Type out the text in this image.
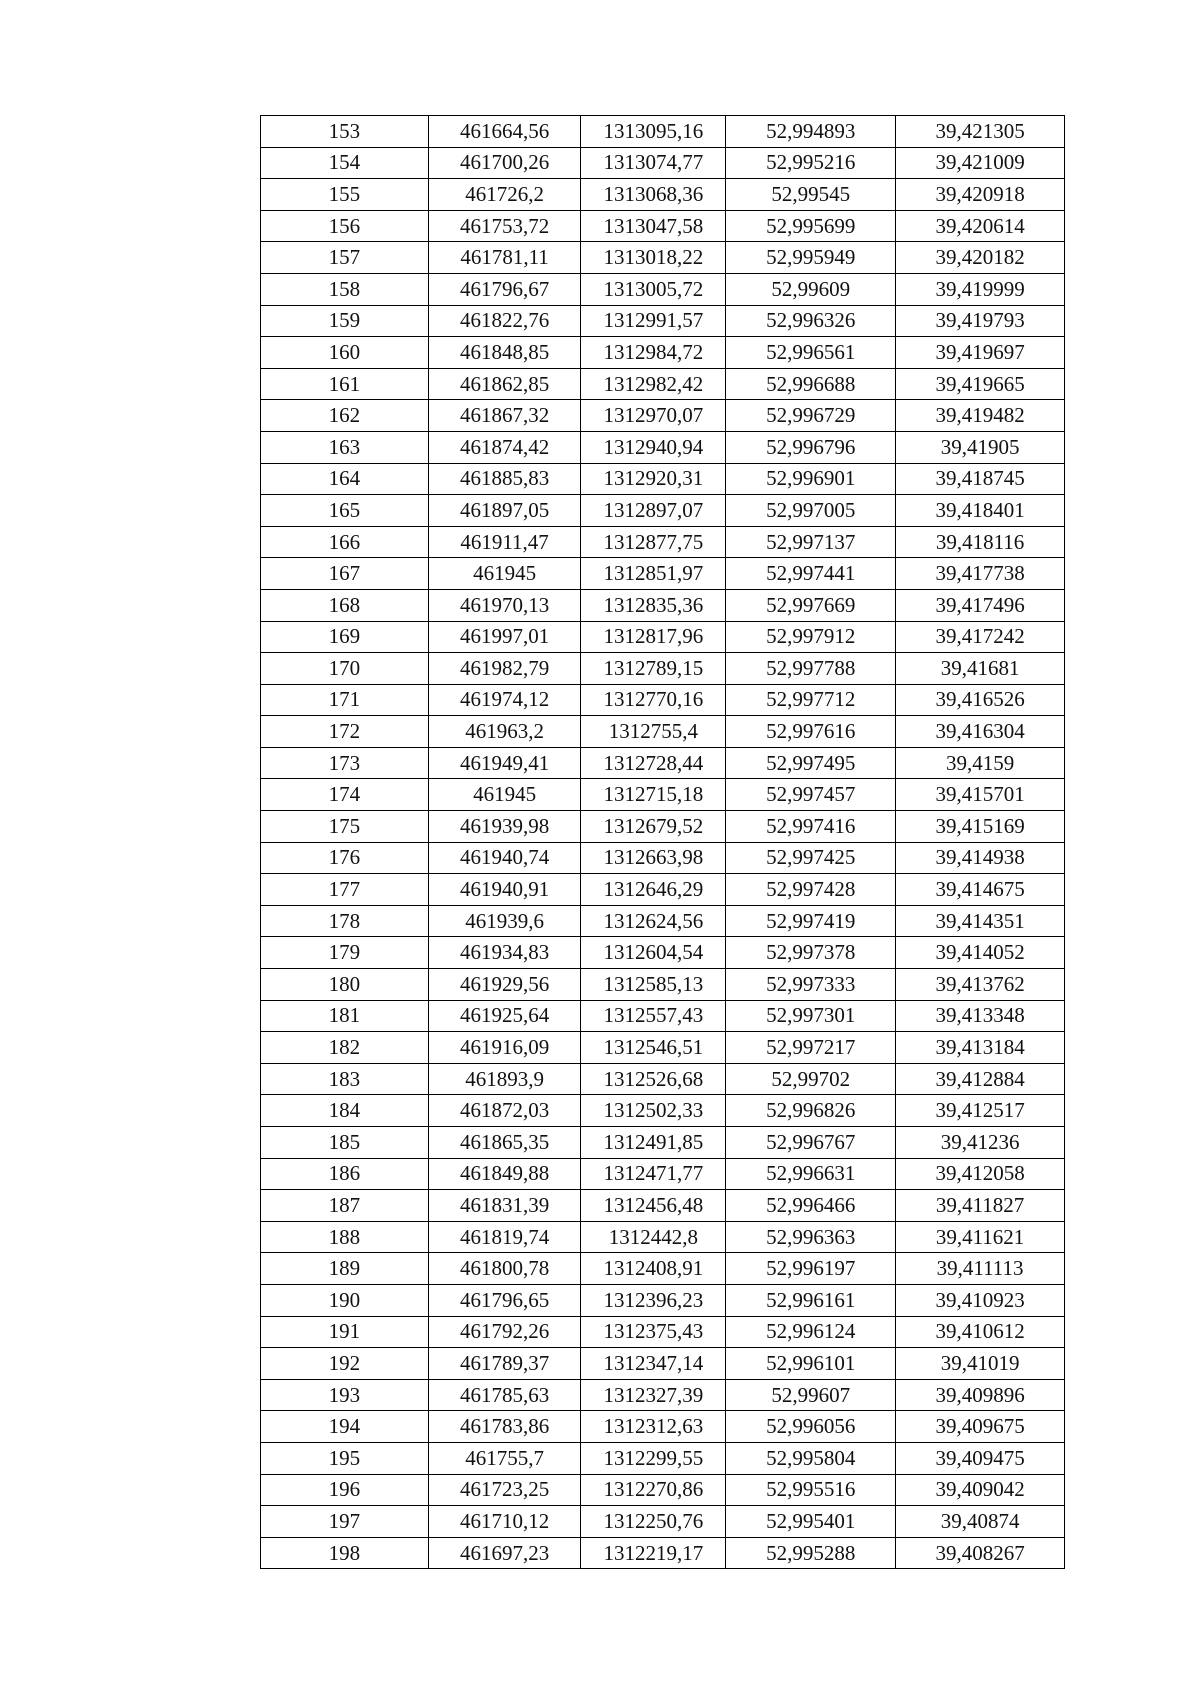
153	461664,56	1313095,16	52,994893	39,421305
154	461700,26	1313074,77	52,995216	39,421009
155	461726,2	1313068,36	52,99545	39,420918
156	461753,72	1313047,58	52,995699	39,420614
157	461781,11	1313018,22	52,995949	39,420182
158	461796,67	1313005,72	52,99609	39,419999
159	461822,76	1312991,57	52,996326	39,419793
160	461848,85	1312984,72	52,996561	39,419697
161	461862,85	1312982,42	52,996688	39,419665
162	461867,32	1312970,07	52,996729	39,419482
163	461874,42	1312940,94	52,996796	39,41905
164	461885,83	1312920,31	52,996901	39,418745
165	461897,05	1312897,07	52,997005	39,418401
166	461911,47	1312877,75	52,997137	39,418116
167	461945	1312851,97	52,997441	39,417738
168	461970,13	1312835,36	52,997669	39,417496
169	461997,01	1312817,96	52,997912	39,417242
170	461982,79	1312789,15	52,997788	39,41681
171	461974,12	1312770,16	52,997712	39,416526
172	461963,2	1312755,4	52,997616	39,416304
173	461949,41	1312728,44	52,997495	39,4159
174	461945	1312715,18	52,997457	39,415701
175	461939,98	1312679,52	52,997416	39,415169
176	461940,74	1312663,98	52,997425	39,414938
177	461940,91	1312646,29	52,997428	39,414675
178	461939,6	1312624,56	52,997419	39,414351
179	461934,83	1312604,54	52,997378	39,414052
180	461929,56	1312585,13	52,997333	39,413762
181	461925,64	1312557,43	52,997301	39,413348
182	461916,09	1312546,51	52,997217	39,413184
183	461893,9	1312526,68	52,99702	39,412884
184	461872,03	1312502,33	52,996826	39,412517
185	461865,35	1312491,85	52,996767	39,41236
186	461849,88	1312471,77	52,996631	39,412058
187	461831,39	1312456,48	52,996466	39,411827
188	461819,74	1312442,8	52,996363	39,411621
189	461800,78	1312408,91	52,996197	39,411113
190	461796,65	1312396,23	52,996161	39,410923
191	461792,26	1312375,43	52,996124	39,410612
192	461789,37	1312347,14	52,996101	39,41019
193	461785,63	1312327,39	52,99607	39,409896
194	461783,86	1312312,63	52,996056	39,409675
195	461755,7	1312299,55	52,995804	39,409475
196	461723,25	1312270,86	52,995516	39,409042
197	461710,12	1312250,76	52,995401	39,40874
198	461697,23	1312219,17	52,995288	39,408267
